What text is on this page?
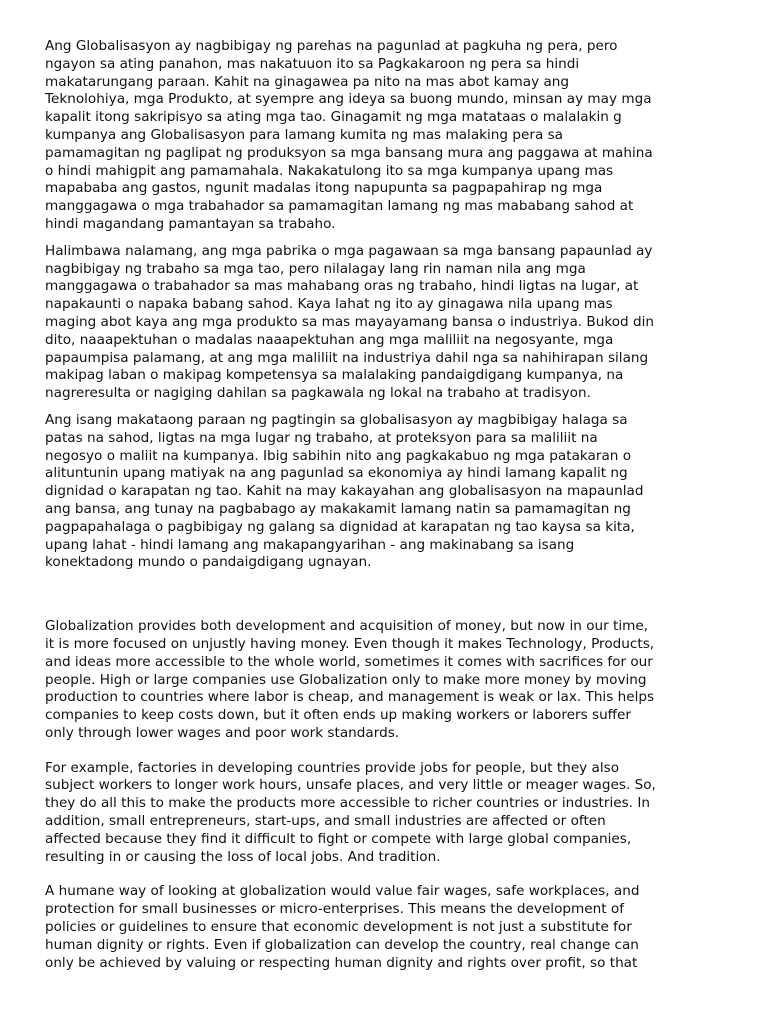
Ang Globalisasyon ay nagbibigay ng parehas na pagunlad at pagkuha ng pera, pero
ngayon sa ating panahon, mas nakatuuon ito sa Pagkakaroon ng pera sa hindi
makatarungang paraan. Kahit na ginagawea pa nito na mas abot kamay ang
Teknolohiya, mga Produkto, at syempre ang ideya sa buong mundo, minsan ay may mga
kapalit itong sakripisyo sa ating mga tao. Ginagamit ng mga matataas o malalakin g
kumpanya ang Globalisasyon para lamang kumita ng mas malaking pera sa
pamamagitan ng paglipat ng produksyon sa mga bansang mura ang paggawa at mahina
o hindi mahigpit ang pamamahala. Nakakatulong ito sa mga kumpanya upang mas
mapababa ang gastos, ngunit madalas itong napupunta sa pagpapahirap ng mga
manggagawa o mga trabahador sa pamamagitan lamang ng mas mababang sahod at
hindi magandang pamantayan sa trabaho.

Halimbawa nalamang, ang mga pabrika o mga pagawaan sa mga bansang papaunlad ay
nagbibigay ng trabaho sa mga tao, pero nilalagay lang rin naman nila ang mga
manggagawa o trabahador sa mas mahabang oras ng trabaho, hindi ligtas na lugar, at
napakaunti o napaka babang sahod. Kaya lahat ng ito ay ginagawa nila upang mas
maging abot kaya ang mga produkto sa mas mayayamang bansa o industriya. Bukod din
dito, naaapektuhan o madalas naaapektuhan ang mga maliliit na negosyante, mga
papaumpisa palamang, at ang mga maliliit na industriya dahil nga sa nahihirapan silang
makipag laban o makipag kompetensya sa malalaking pandaigdigang kumpanya, na
nagreresulta or nagiging dahilan sa pagkawala ng lokal na trabaho at tradisyon.

Ang isang makataong paraan ng pagtingin sa globalisasyon ay magbibigay halaga sa
patas na sahod, ligtas na mga lugar ng trabaho, at proteksyon para sa maliliit na
negosyo o maliit na kumpanya. Ibig sabihin nito ang pagkakabuo ng mga patakaran o
alituntunin upang matiyak na ang pagunlad sa ekonomiya ay hindi lamang kapalit ng
dignidad o karapatan ng tao. Kahit na may kakayahan ang globalisasyon na mapaunlad
ang bansa, ang tunay na pagbabago ay makakamit lamang natin sa pamamagitan ng
pagpapahalaga o pagbibigay ng galang sa dignidad at karapatan ng tao kaysa sa kita,
upang lahat - hindi lamang ang makapangyarihan - ang makinabang sa isang
konektadong mundo o pandaigdigang ugnayan.

Globalization provides both development and acquisition of money, but now in our time,
it is more focused on unjustly having money. Even though it makes Technology, Products,
and ideas more accessible to the whole world, sometimes it comes with sacrifices for our
people. High or large companies use Globalization only to make more money by moving
production to countries where labor is cheap, and management is weak or lax. This helps
companies to keep costs down, but it often ends up making workers or laborers suffer
only through lower wages and poor work standards.

For example, factories in developing countries provide jobs for people, but they also
subject workers to longer work hours, unsafe places, and very little or meager wages. So,
they do all this to make the products more accessible to richer countries or industries. In
addition, small entrepreneurs, start-ups, and small industries are affected or often
affected because they find it difficult to fight or compete with large global companies,
resulting in or causing the loss of local jobs. And tradition.

A humane way of looking at globalization would value fair wages, safe workplaces, and
protection for small businesses or micro-enterprises. This means the development of
policies or guidelines to ensure that economic development is not just a substitute for
human dignity or rights. Even if globalization can develop the country, real change can
only be achieved by valuing or respecting human dignity and rights over profit, so that
